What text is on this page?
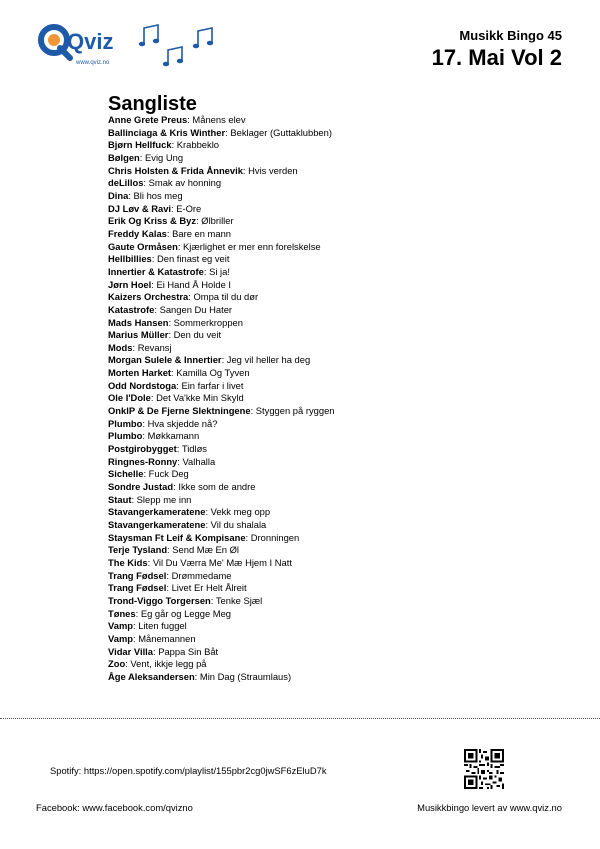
Qviz
www.qviz.no
Musikk Bingo 45
17. Mai Vol 2
Sangliste
Anne Grete Preus: Månens elev
Ballinciaga & Kris Winther: Beklager (Guttaklubben)
Bjørn Hellfuck: Krabbeklo
Bølgen: Evig Ung
Chris Holsten & Frida Ånnevik: Hvis verden
deLillos: Smak av honning
Dina: Bli hos meg
DJ Løv & Ravi: E-Ore
Erik Og Kriss & Byz: Ølbriller
Freddy Kalas: Bare en mann
Gaute Ormåsen: Kjærlighet er mer enn forelskelse
Hellbillies: Den finast eg veit
Innertier & Katastrofe: Si ja!
Jørn Hoel: Ei Hand Å Holde I
Kaizers Orchestra: Ompa til du dør
Katastrofe: Sangen Du Hater
Mads Hansen: Sommerkroppen
Marius Müller: Den du veit
Mods: Revansj
Morgan Sulele & Innertier: Jeg vil heller ha deg
Morten Harket: Kamilla Og Tyven
Odd Nordstoga: Ein farfar i livet
Ole I'Dole: Det Va'kke Min Skyld
OnklP & De Fjerne Slektningene: Styggen på ryggen
Plumbo: Hva skjedde nå?
Plumbo: Møkkamann
Postgirobygget: Tidløs
Ringnes-Ronny: Valhalla
Sichelle: Fuck Deg
Sondre Justad: Ikke som de andre
Staut: Slepp me inn
Stavangerkameratene: Vekk meg opp
Stavangerkameratene: Vil du shalala
Staysman Ft Leif & Kompisane: Dronningen
Terje Tysland: Send Mæ En Øl
The Kids: Vil Du Værra Me' Mæ Hjem I Natt
Trang Fødsel: Drømmedame
Trang Fødsel: Livet Er Helt Ålreit
Trond-Viggo Torgersen: Tenke Sjæl
Tønes: Eg går og Legge Meg
Vamp: Liten fuggel
Vamp: Månemannen
Vidar Villa: Pappa Sin Båt
Zoo: Vent, ikkje legg på
Åge Aleksandersen: Min Dag (Straumlaus)
Spotify: https://open.spotify.com/playlist/155pbr2cg0jwSF6zEluD7k
Facebook: www.facebook.com/qvizno	Musikkbingo levert av www.qviz.no
